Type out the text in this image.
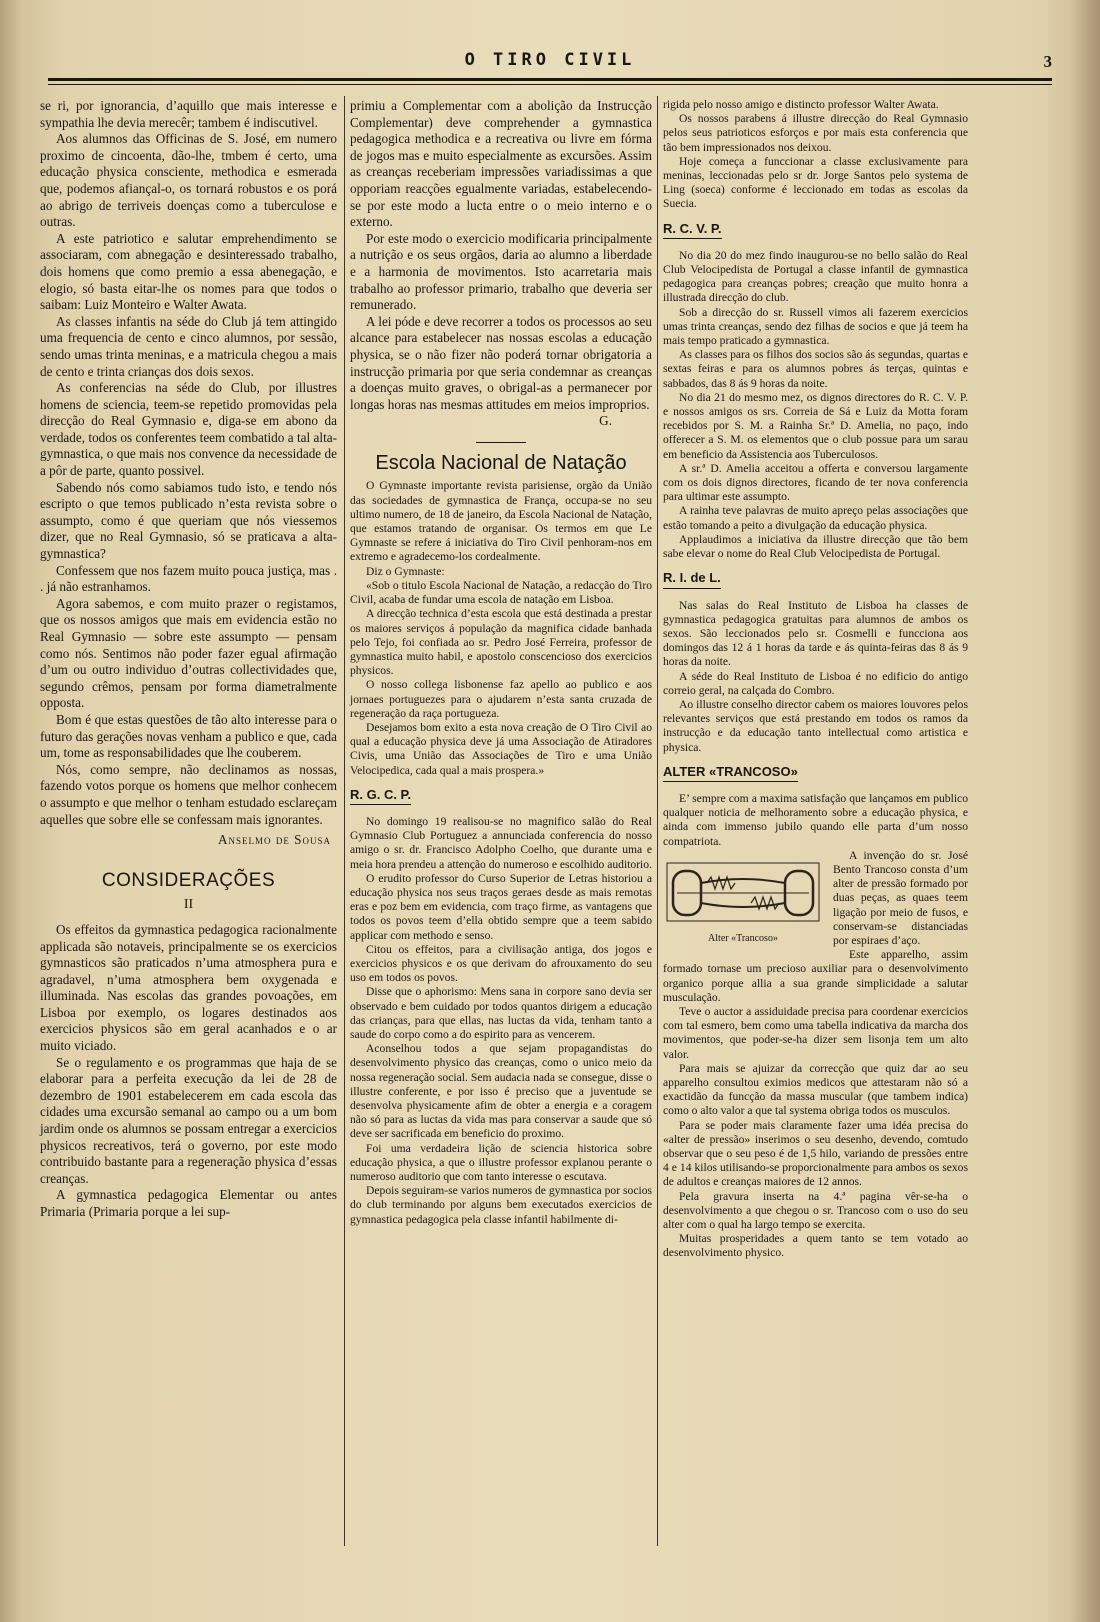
O TIRO CIVIL	3

se ri, por ignorancia, d’aquillo que mais interesse e sympathia lhe devia merecêr; tambem é indiscutivel.

Aos alumnos das Officinas de S. José, em numero proximo de cincoenta, dão-lhe, tmbem é certo, uma educação physica consciente, methodica e esmerada que, podemos afiançal-o, os tornará robustos e os porá ao abrigo de terriveis doenças como a tuberculose e outras.

A este patriotico e salutar emprehendimento se associaram, com abnegação e desinteressado trabalho, dois homens que como premio a essa abenegação, e elogio, só basta eitar-lhe os nomes para que todos o saibam: Luiz Monteiro e Walter Awata.

As classes infantis na séde do Club já tem attingido uma frequencia de cento e cinco alumnos, por sessão, sendo umas trinta meninas, e a matricula chegou a mais de cento e trinta crianças dos dois sexos.

As conferencias na séde do Club, por illustres homens de sciencia, teem-se repetido promovidas pela direcção do Real Gymnasio e, diga-se em abono da verdade, todos os conferentes teem combatido a tal alta-gymnastica, o que mais nos convence da necessidade de a pôr de parte, quanto possivel.

Sabendo nós como sabiamos tudo isto, e tendo nós escripto o que temos publicado n’esta revista sobre o assumpto, como é que queriam que nós viessemos dizer, que no Real Gymnasio, só se praticava a alta-gymnastica?

Confessem que nos fazem muito pouca justiça, mas . . já não estranhamos.

Agora sabemos, e com muito prazer o registamos, que os nossos amigos que mais em evidencia estão no Real Gymnasio — sobre este assumpto — pensam como nós. Sentimos não poder fazer egual afirmação d’um ou outro individuo d’outras collectividades que, segundo crêmos, pensam por forma diametralmente opposta.

Bom é que estas questões de tão alto interesse para o futuro das gerações novas venham a publico e que, cada um, tome as responsabilidades que lhe couberem.

Nós, como sempre, não declinamos as nossas, fazendo votos porque os homens que melhor conhecem o assumpto e que melhor o tenham estudado esclareçam aquelles que sobre elle se confessam mais ignorantes.

Anselmo de Sousa

CONSIDERAÇÕES
II

Os effeitos da gymnastica pedagogica racionalmente applicada são notaveis, principalmente se os exercicios gymnasticos são praticados n’uma atmosphera pura e agradavel, n’uma atmosphera bem oxygenada e illuminada. Nas escolas das grandes povoações, em Lisboa por exemplo, os logares destinados aos exercicios physicos são em geral acanhados e o ar muito viciado.

Se o regulamento e os programmas que haja de se elaborar para a perfeita execução da lei de 28 de dezembro de 1901 estabelecerem em cada escola das cidades uma excursão semanal ao campo ou a um bom jardim onde os alumnos se possam entregar a exercicios physicos recreativos, terá o governo, por este modo contribuido bastante para a regeneração physica d’essas creanças.

A gymnastica pedagogica Elementar ou antes Primaria (Primaria porque a lei sup-

primiu a Complementar com a abolição da Instrucção Complementar) deve comprehender a gymnastica pedagogica methodica e a recreativa ou livre em fórma de jogos mas e muito especialmente as excursões. Assim as creanças receberiam impressões variadissimas a que opporiam reacções egualmente variadas, estabelecendo-se por este modo a lucta entre o o meio interno e o externo.

Por este modo o exercicio modificaria principalmente a nutrição e os seus orgãos, daria ao alumno a liberdade e a harmonia de movimentos. Isto acarretaria mais trabalho ao professor primario, trabalho que deveria ser remunerado.

A lei póde e deve recorrer a todos os processos ao seu alcance para estabelecer nas nossas escolas a educação physica, se o não fizer não poderá tornar obrigatoria a instrucção primaria por que seria condemnar as creanças a doenças muito graves, o obrigal-as a permanecer por longas horas nas mesmas attitudes em meios improprios.

G.

Escola Nacional de Natação

O Gymnaste importante revista parisiense, orgão da União das sociedades de gymnastica de França, occupa-se no seu ultimo numero, de 18 de janeiro, da Escola Nacional de Natação, que estamos tratando de organisar. Os termos em que Le Gymnaste se refere á iniciativa do Tiro Civil penhoram-nos em extremo e agradecemo-los cordealmente.

Diz o Gymnaste:

«Sob o titulo Escola Nacional de Natação, a redacção do Tiro Civil, acaba de fundar uma escola de natação em Lisboa.

A direcção technica d’esta escola que está destinada a prestar os maiores serviços á população da magnifica cidade banhada pelo Tejo, foi confiada ao sr. Pedro José Ferreira, professor de gymnastica muito habil, e apostolo conscencioso dos exercicios physicos.

O nosso collega lisbonense faz apello ao publico e aos jornaes portuguezes para o ajudarem n’esta santa cruzada de regeneração da raça portugueza.

Desejamos bom exito a esta nova creação de O Tiro Civil ao qual a educação physica deve já uma Associação de Atiradores Civis, uma União das Associações de Tiro e uma União Velocipedica, cada qual a mais prospera.»

R. G. C. P.

No domingo 19 realisou-se no magnifico salão do Real Gymnasio Club Portuguez a annunciada conferencia do nosso amigo o sr. dr. Francisco Adolpho Coelho, que durante uma e meia hora prendeu a attenção do numeroso e escolhido auditorio.

O erudito professor do Curso Superior de Letras historiou a educação physica nos seus traços geraes desde as mais remotas eras e poz bem em evidencia, com traço firme, as vantagens que todos os povos teem d’ella obtido sempre que a teem sabido applicar com methodo e senso.

Citou os effeitos, para a civilisação antiga, dos jogos e exercicios physicos e os que derivam do afrouxamento do seu uso em todos os povos.

Disse que o aphorismo: Mens sana in corpore sano devia ser observado e bem cuidado por todos quantos dirigem a educação das crianças, para que ellas, nas luctas da vida, tenham tanto a saude do corpo como a do espirito para as vencerem.

Aconselhou todos a que sejam propagandistas do desenvolvimento physico das creanças, como o unico meio da nossa regeneração social. Sem audacia nada se consegue, disse o illustre conferente, e por isso é preciso que a juventude se desenvolva physicamente afim de obter a energia e a coragem não só para as luctas da vida mas para conservar a saude que só deve ser sacrificada em beneficio do proximo.

Foi uma verdadeira lição de sciencia historica sobre educação physica, a que o illustre professor explanou perante o numeroso auditorio que com tanto interesse o escutava.

Depois seguiram-se varios numeros de gymnastica por socios do club terminando por alguns bem executados exercicios de gymnastica pedagogica pela classe infantil habilmente di-

rigida pelo nosso amigo e distincto professor Walter Awata.

Os nossos parabens á illustre direcção do Real Gymnasio pelos seus patrioticos esforços e por mais esta conferencia que tão bem impressionados nos deixou.

Hoje começa a funccionar a classe exclusivamente para meninas, leccionadas pelo sr dr. Jorge Santos pelo systema de Ling (soeca) conforme é leccionado em todas as escolas da Suecia.

R. C. V. P.

No dia 20 do mez findo inaugurou-se no bello salão do Real Club Velocipedista de Portugal a classe infantil de gymnastica pedagogica para creanças pobres; creação que muito honra a illustrada direcção do club.

Sob a direcção do sr. Russell vimos ali fazerem exercicios umas trinta creanças, sendo dez filhas de socios e que já teem ha mais tempo praticado a gymnastica.

As classes para os filhos dos socios são ás segundas, quartas e sextas feiras e para os alumnos pobres ás terças, quintas e sabbados, das 8 ás 9 horas da noite.

No dia 21 do mesmo mez, os dignos directores do R. C. V. P. e nossos amigos os srs. Correia de Sá e Luiz da Motta foram recebidos por S. M. a Rainha Sr.ª D. Amelia, no paço, indo offerecer a S. M. os elementos que o club possue para um sarau em beneficio da Assistencia aos Tuberculosos.

A sr.ª D. Amelia acceitou a offerta e conversou largamente com os dois dignos directores, ficando de ter nova conferencia para ultimar este assumpto.

A rainha teve palavras de muito apreço pelas associações que estão tomando a peito a divulgação da educação physica.

Applaudimos a iniciativa da illustre direcção que tão bem sabe elevar o nome do Real Club Velocipedista de Portugal.

R. I. de L.

Nas salas do Real Instituto de Lisboa ha classes de gymnastica pedagogica gratuitas para alumnos de ambos os sexos. São leccionados pelo sr. Cosmelli e funcciona aos domingos das 12 á 1 horas da tarde e ás quinta-feiras das 8 ás 9 horas da noite.

A séde do Real Instituto de Lisboa é no edificio do antigo correio geral, na calçada do Combro.

Ao illustre conselho director cabem os maiores louvores pelos relevantes serviços que está prestando em todos os ramos da instrucção e da educação tanto intellectual como artistica e physica.

ALTER «TRANCOSO»

E’ sempre com a maxima satisfação que lançamos em publico qualquer noticia de melhoramento sobre a educação physica, e ainda com immenso jubilo quando elle parta d’um nosso compatriota.

Alter «Trancoso»

A invenção do sr. José Bento Trancoso consta d’um alter de pressão formado por duas peças, as quaes teem ligação por meio de fusos, e conservam-se distanciadas por espiraes d’aço.

Este apparelho, assim formado tornase um precioso auxiliar para o desenvolvimento organico porque allia a sua grande simplicidade a salutar musculação.

Teve o auctor a assiduidade precisa para coordenar exercicios com tal esmero, bem como uma tabella indicativa da marcha dos movimentos, que poder-se-ha dizer sem lisonja tem um alto valor.

Para mais se ajuizar da correcção que quiz dar ao seu apparelho consultou eximios medicos que attestaram não só a exactidão da funcção da massa muscular (que tambem indica) como o alto valor a que tal systema obriga todos os musculos.

Para se poder mais claramente fazer uma idéa precisa do «alter de pressão» inserimos o seu desenho, devendo, comtudo observar que o seu peso é de 1,5 hilo, variando de pressões entre 4 e 14 kilos utilisando-se proporcionalmente para ambos os sexos de adultos e creanças maiores de 12 annos.

Pela gravura inserta na 4.ª pagina vêr-se-ha o desenvolvimento a que chegou o sr. Trancoso com o uso do seu alter com o qual ha largo tempo se exercita.

Muitas prosperidades a quem tanto se tem votado ao desenvolvimento physico.
